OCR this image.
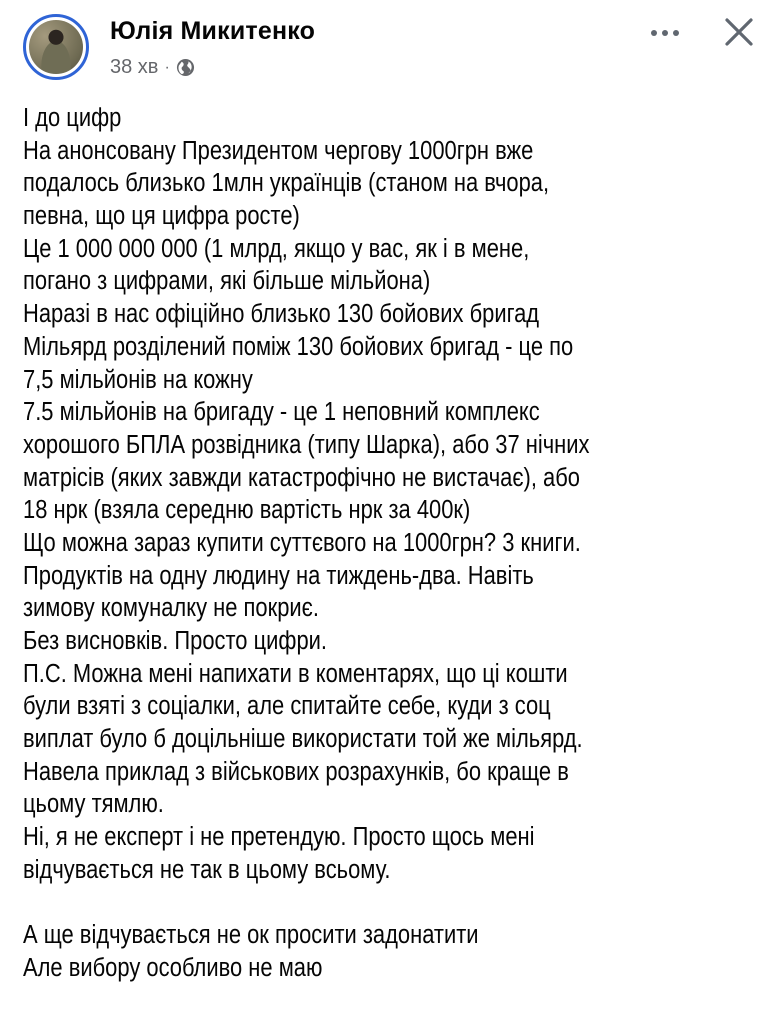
Юлія Микитенко
38 хв ·
І до цифр
На анонсовану Президентом чергову 1000грн вже
подалось близько 1млн українців (станом на вчора,
певна, що ця цифра росте)
Це 1 000 000 000 (1 млрд, якщо у вас, як і в мене,
погано з цифрами, які більше мільйона)
Наразі в нас офіційно близько 130 бойових бригад
Мільярд розділений поміж 130 бойових бригад - це по
7,5 мільйонів на кожну
7.5 мільйонів на бригаду - це 1 неповний комплекс
хорошого БПЛА розвідника (типу Шарка), або 37 нічних
матрісів (яких завжди катастрофічно не вистачає), або
18 нрк (взяла середню вартість нрк за 400к)
Що можна зараз купити суттєвого на 1000грн? 3 книги.
Продуктів на одну людину на тиждень-два. Навіть
зимову комуналку не покриє.
Без висновків. Просто цифри.
П.С. Можна мені напихати в коментарях, що ці кошти
були взяті з соціалки, але спитайте себе, куди з соц
виплат було б доцільніше використати той же мільярд.
Навела приклад з військових розрахунків, бо краще в
цьому тямлю.
Ні, я не експерт і не претендую. Просто щось мені
відчувається не так в цьому всьому.
А ще відчувається не ок просити задонатити
Але вибору особливо не маю
